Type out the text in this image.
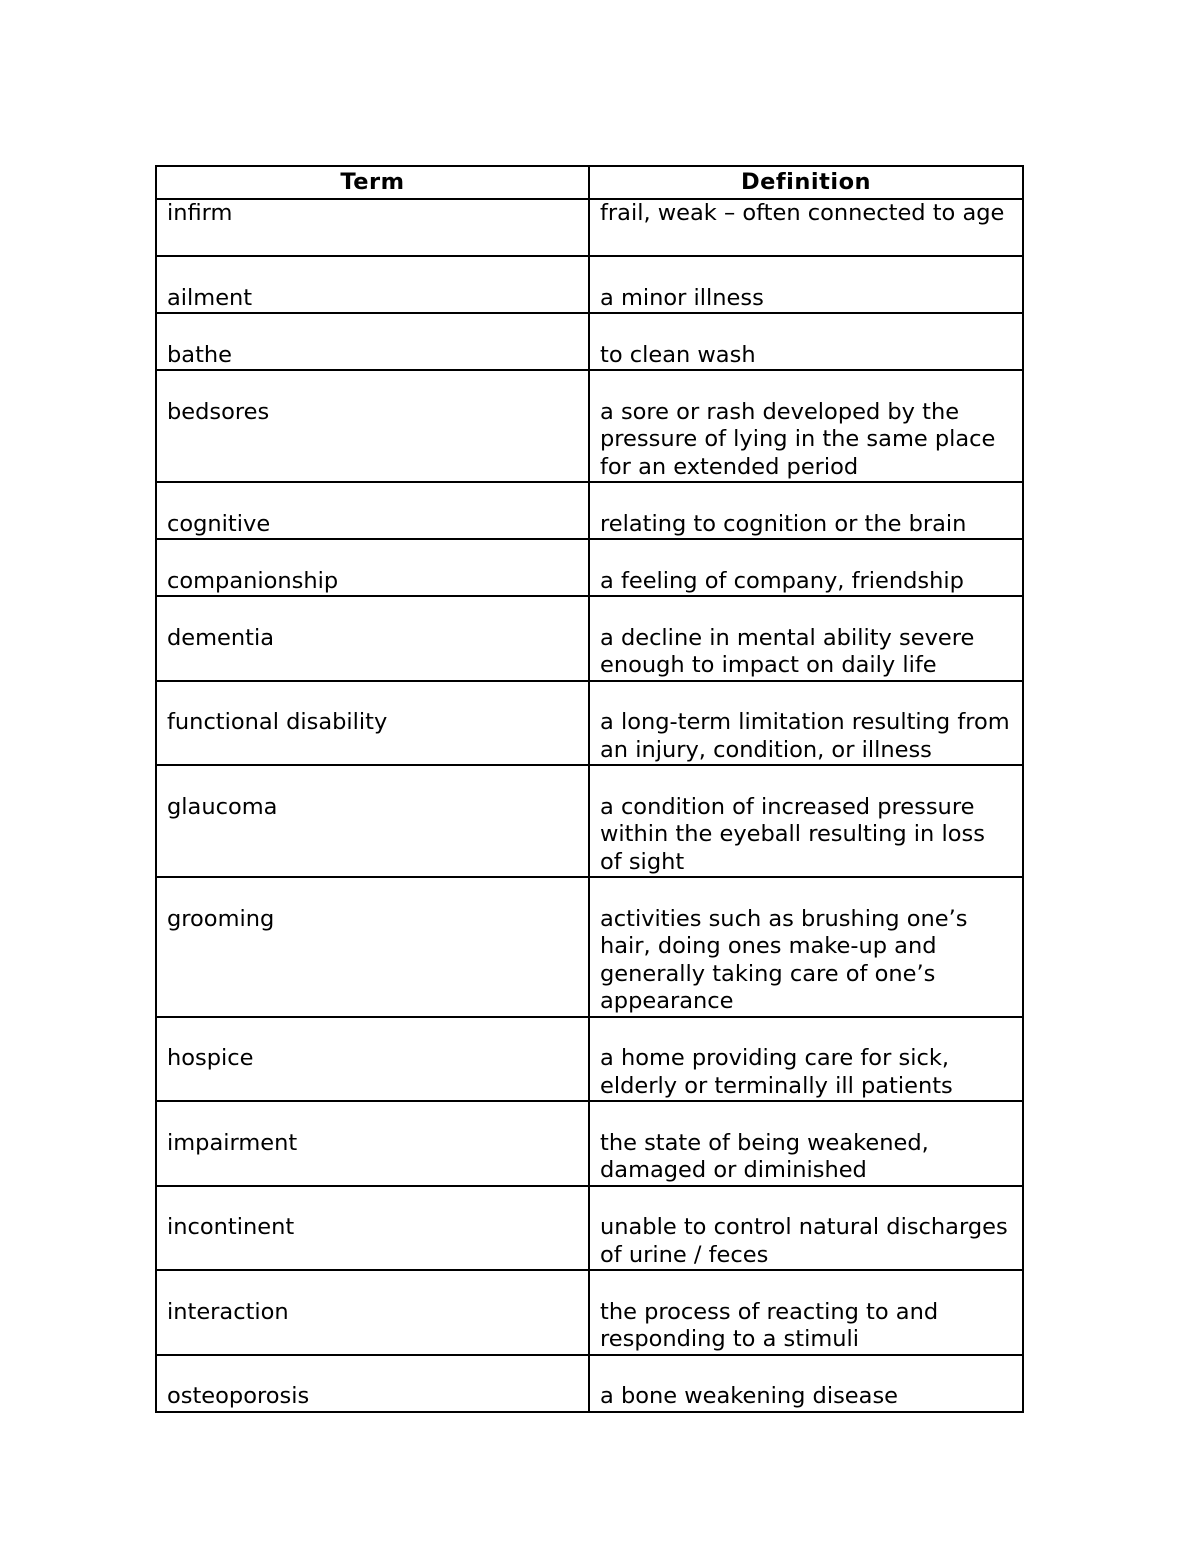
Term	Definition

infirm	frail, weak – often connected to age

ailment	a minor illness

bathe	to clean wash

bedsores	a sore or rash developed by the pressure of lying in the same place for an extended period

cognitive	relating to cognition or the brain

companionship	a feeling of company, friendship

dementia	a decline in mental ability severe enough to impact on daily life

functional disability	a long-term limitation resulting from an injury, condition, or illness

glaucoma	a condition of increased pressure within the eyeball resulting in loss of sight

grooming	activities such as brushing one’s hair, doing ones make-up and generally taking care of one’s appearance

hospice	a home providing care for sick, elderly or terminally ill patients

impairment	the state of being weakened, damaged or diminished

incontinent	unable to control natural discharges of urine / feces

interaction	the process of reacting to and responding to a stimuli

osteoporosis	a bone weakening disease
